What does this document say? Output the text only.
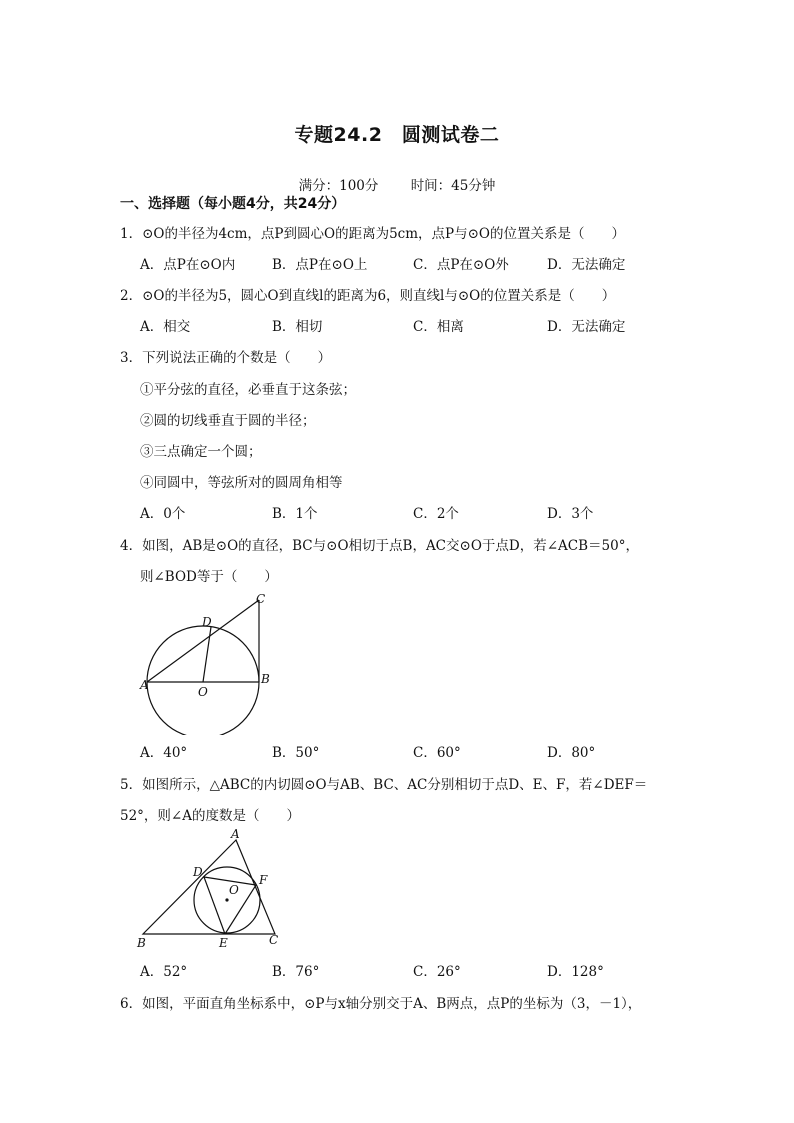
专题24.2　圆测试卷二
满分：100分 时间：45分钟
一、选择题（每小题4分，共24分）
1．⊙O的半径为4cm，点P到圆心O的距离为5cm，点P与⊙O的位置关系是（　　）
A．点P在⊙O内	B．点P在⊙O上	C．点P在⊙O外	D．无法确定
2．⊙O的半径为5，圆心O到直线l的距离为6，则直线l与⊙O的位置关系是（　　）
A．相交	B．相切	C．相离	D．无法确定
3．下列说法正确的个数是（　　）
①平分弦的直径，必垂直于这条弦；
②圆的切线垂直于圆的半径；
③三点确定一个圆；
④同圆中，等弦所对的圆周角相等
A．0个	B．1个	C．2个	D．3个
4．如图，AB是⊙O的直径，BC与⊙O相切于点B，AC交⊙O于点D，若∠ACB＝50°，
则∠BOD等于（　　）
A	B
C
D
O
A．40°	B．50°	C．60°	D．80°
5．如图所示，△ABC的内切圆⊙O与AB、BC、AC分别相切于点D、E、F，若∠DEF＝
52°，则∠A的度数是（　　）
A
B	C
D
E
F
O
A．52°	B．76°	C．26°	D．128°
6．如图，平面直角坐标系中，⊙P与x轴分别交于A、B两点，点P的坐标为（3，－1），
